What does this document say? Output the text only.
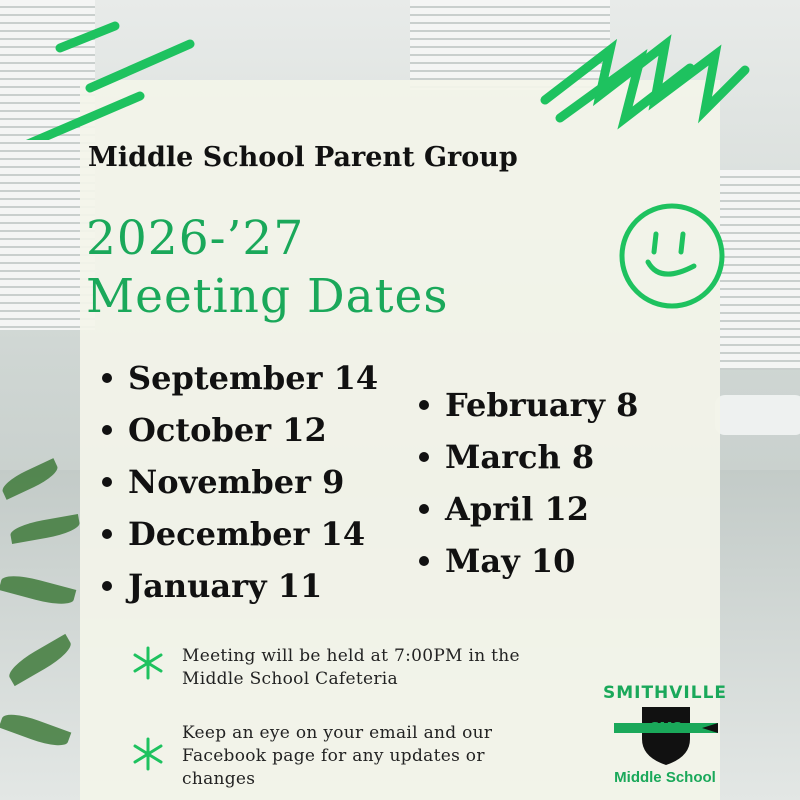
Middle School Parent Group
2026-’27
Meeting Dates
September 14
October 12
November 9
December 14
January 11
February 8
March 8
April 12
May 10

Meeting will be held at 7:00PM in the Middle School Cafeteria

Keep an eye on your email and our Facebook page for any updates or changes

SMITHVILLE
SMS
Middle School
